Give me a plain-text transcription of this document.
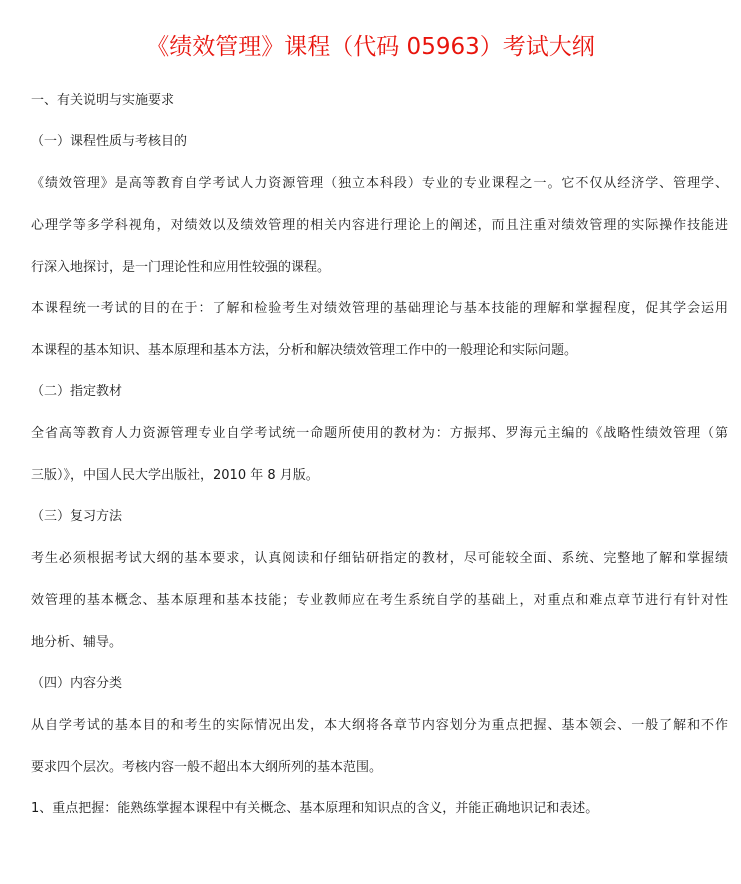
《绩效管理》课程（代码 05963）考试大纲
一、有关说明与实施要求
（一）课程性质与考核目的
《绩效管理》是高等教育自学考试人力资源管理（独立本科段）专业的专业课程之一。它不仅从经济学、管理学、
心理学等多学科视角，对绩效以及绩效管理的相关内容进行理论上的阐述，而且注重对绩效管理的实际操作技能进
行深入地探讨，是一门理论性和应用性较强的课程。
本课程统一考试的目的在于：了解和检验考生对绩效管理的基础理论与基本技能的理解和掌握程度，促其学会运用
本课程的基本知识、基本原理和基本方法，分析和解决绩效管理工作中的一般理论和实际问题。
（二）指定教材
全省高等教育人力资源管理专业自学考试统一命题所使用的教材为：方振邦、罗海元主编的《战略性绩效管理（第
三版）》，中国人民大学出版社，2010 年 8 月版。
（三）复习方法
考生必须根据考试大纲的基本要求，认真阅读和仔细钻研指定的教材，尽可能较全面、系统、完整地了解和掌握绩
效管理的基本概念、基本原理和基本技能；专业教师应在考生系统自学的基础上，对重点和难点章节进行有针对性
地分析、辅导。
（四）内容分类
从自学考试的基本目的和考生的实际情况出发，本大纲将各章节内容划分为重点把握、基本领会、一般了解和不作
要求四个层次。考核内容一般不超出本大纲所列的基本范围。
1、重点把握：能熟练掌握本课程中有关概念、基本原理和知识点的含义，并能正确地识记和表述。
